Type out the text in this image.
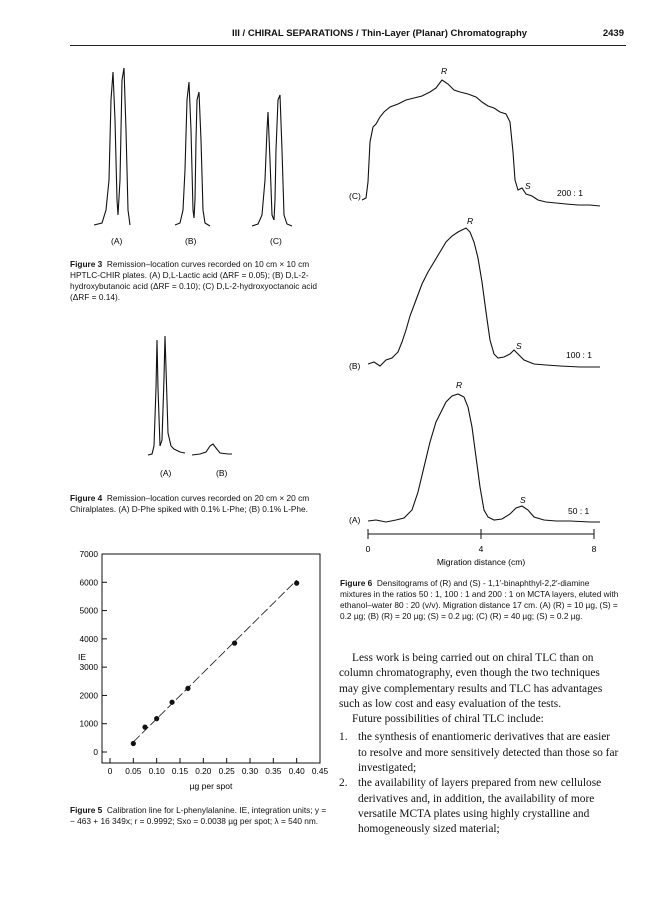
III / CHIRAL SEPARATIONS / Thin-Layer (Planar) Chromatography	2439
(A)	(B)	(C)
Figure 3 Remission–location curves recorded on 10 cm × 10 cm HPTLC-CHIR plates. (A) D,L-Lactic acid (ΔRF = 0.05); (B) D,L-2-hydroxybutanoic acid (ΔRF = 0.10); (C) D,L-2-hydroxyoctanoic acid (ΔRF = 0.14).
(A)	(B)
Figure 4 Remission–location curves recorded on 20 cm × 20 cm Chiralplates. (A) D-Phe spiked with 0.1% L-Phe; (B) 0.1% L-Phe.
0
1000
2000
3000
4000
5000
6000
7000
0 0.05 0.10 0.15 0.20 0.25 0.30 0.35 0.40 0.45
IE
µg per spot
Figure 5 Calibration line for L-phenylalanine. IE, integration units; y = − 463 + 16 349x; r = 0.9992; Sxo = 0.0038 µg per spot; λ = 540 nm.
(C)
R
S
200 : 1
(B)
R
S
100 : 1
(A)
R
S
50 : 1
0	4	8
Migration distance (cm)
Figure 6 Densitograms of (R) and (S) - 1,1′-binaphthyl-2,2′-diamine mixtures in the ratios 50 : 1, 100 : 1 and 200 : 1 on MCTA layers, eluted with ethanol–water 80 : 20 (v/v). Migration distance 17 cm. (A) (R) = 10 µg, (S) = 0.2 µg; (B) (R) = 20 µg; (S) = 0.2 µg; (C) (R) = 40 µg; (S) = 0.2 µg.

Less work is being carried out on chiral TLC than on column chromatography, even though the two techniques may give complementary results and TLC has advantages such as low cost and easy evaluation of the tests.

Future possibilities of chiral TLC include:

1. the synthesis of enantiomeric derivatives that are easier to resolve and more sensitively detected than those so far investigated;
2. the availability of layers prepared from new cellulose derivatives and, in addition, the availability of more versatile MCTA plates using highly crystalline and homogeneously sized material;
